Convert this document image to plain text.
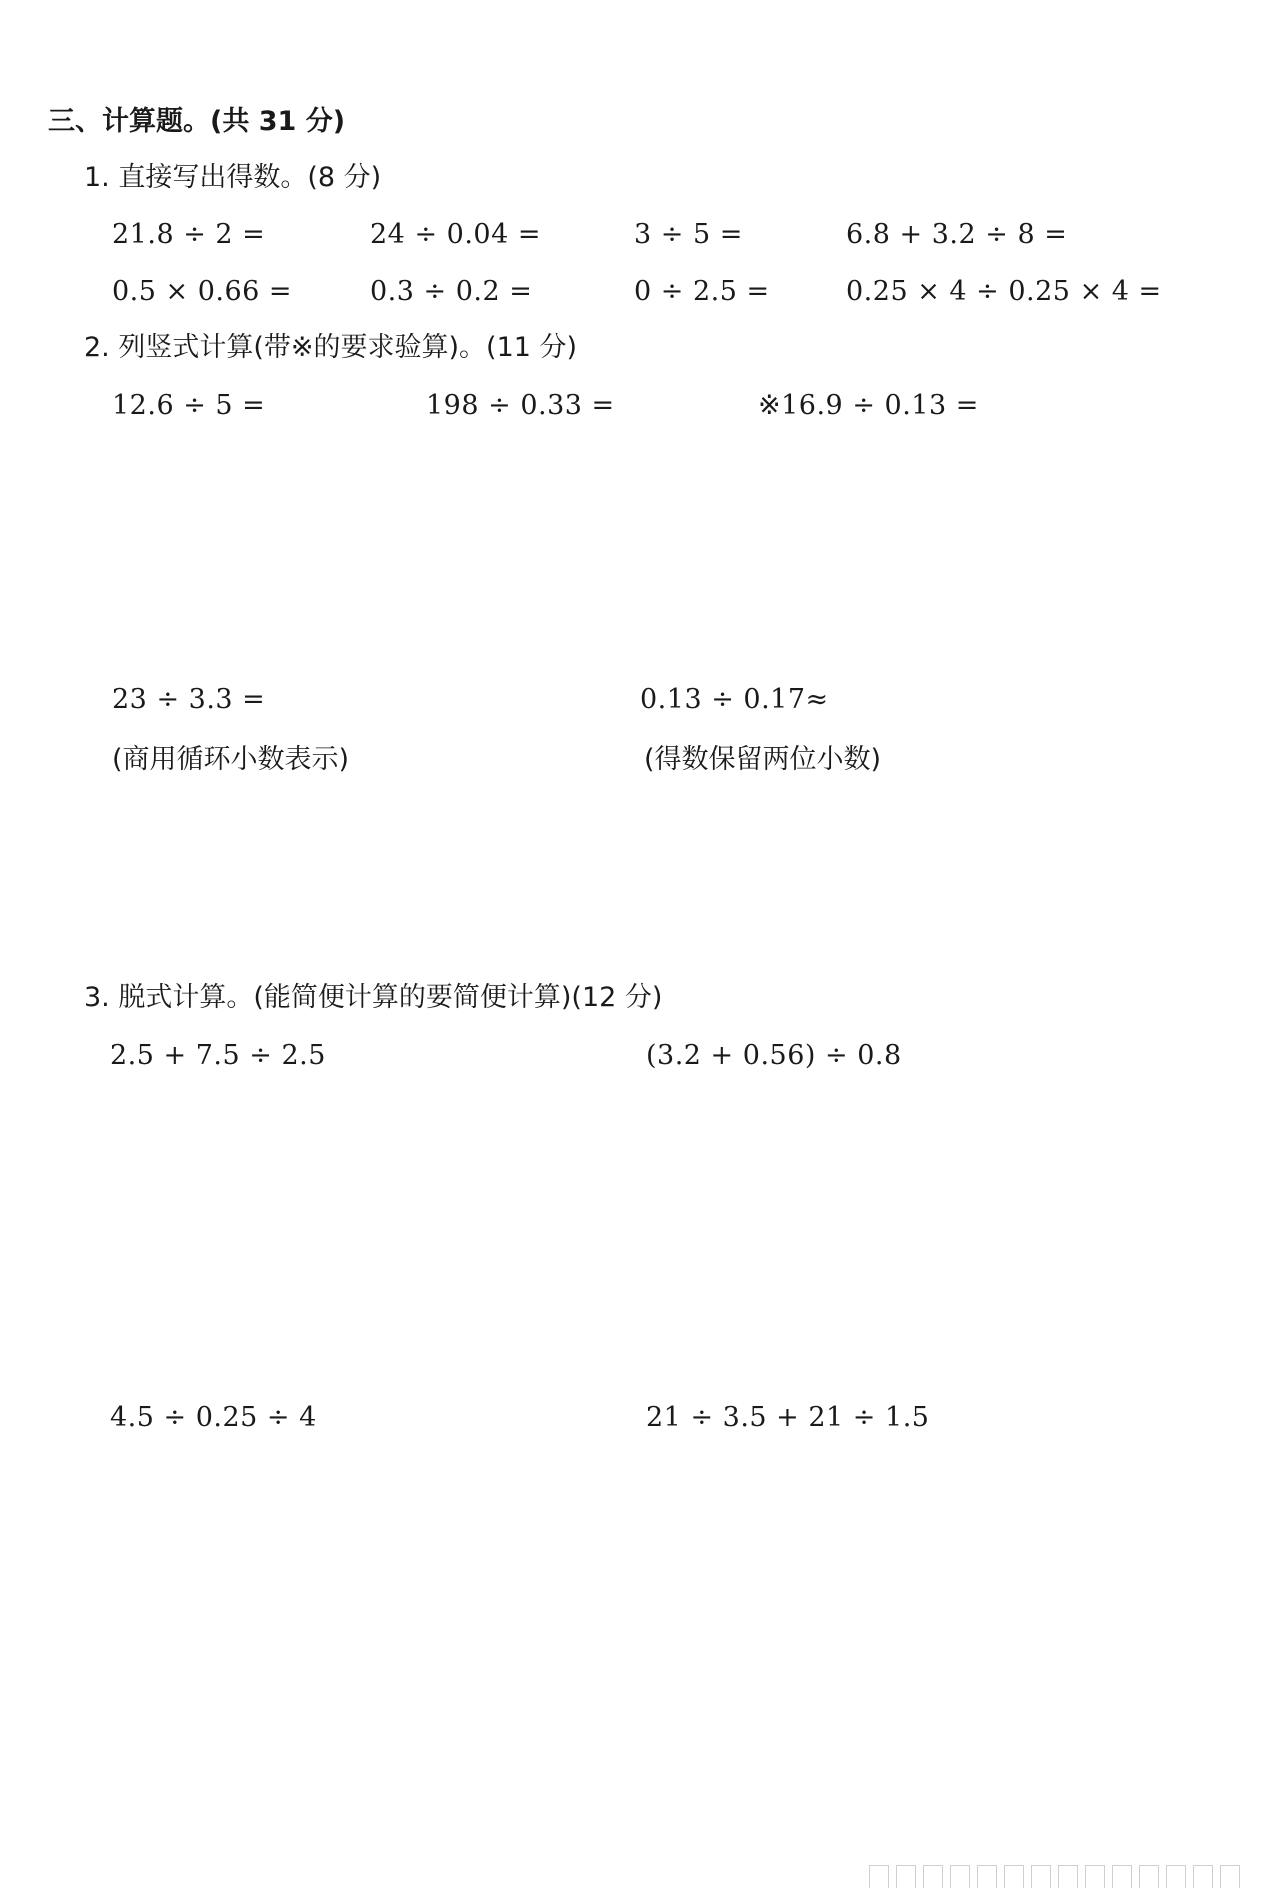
三、计算题。(共 31 分)
1. 直接写出得数。(8 分)
21.8 ÷ 2 =	24 ÷ 0.04 =	3 ÷ 5 =	6.8 + 3.2 ÷ 8 =
0.5 × 0.66 =	0.3 ÷ 0.2 =	0 ÷ 2.5 =	0.25 × 4 ÷ 0.25 × 4 =
2. 列竖式计算(带※的要求验算)。(11 分)
12.6 ÷ 5 =	198 ÷ 0.33 =	※16.9 ÷ 0.13 =
23 ÷ 3.3 =	0.13 ÷ 0.17≈
(商用循环小数表示)	(得数保留两位小数)
3. 脱式计算。(能简便计算的要简便计算)(12 分)
2.5 + 7.5 ÷ 2.5	(3.2 + 0.56) ÷ 0.8
4.5 ÷ 0.25 ÷ 4	21 ÷ 3.5 + 21 ÷ 1.5
